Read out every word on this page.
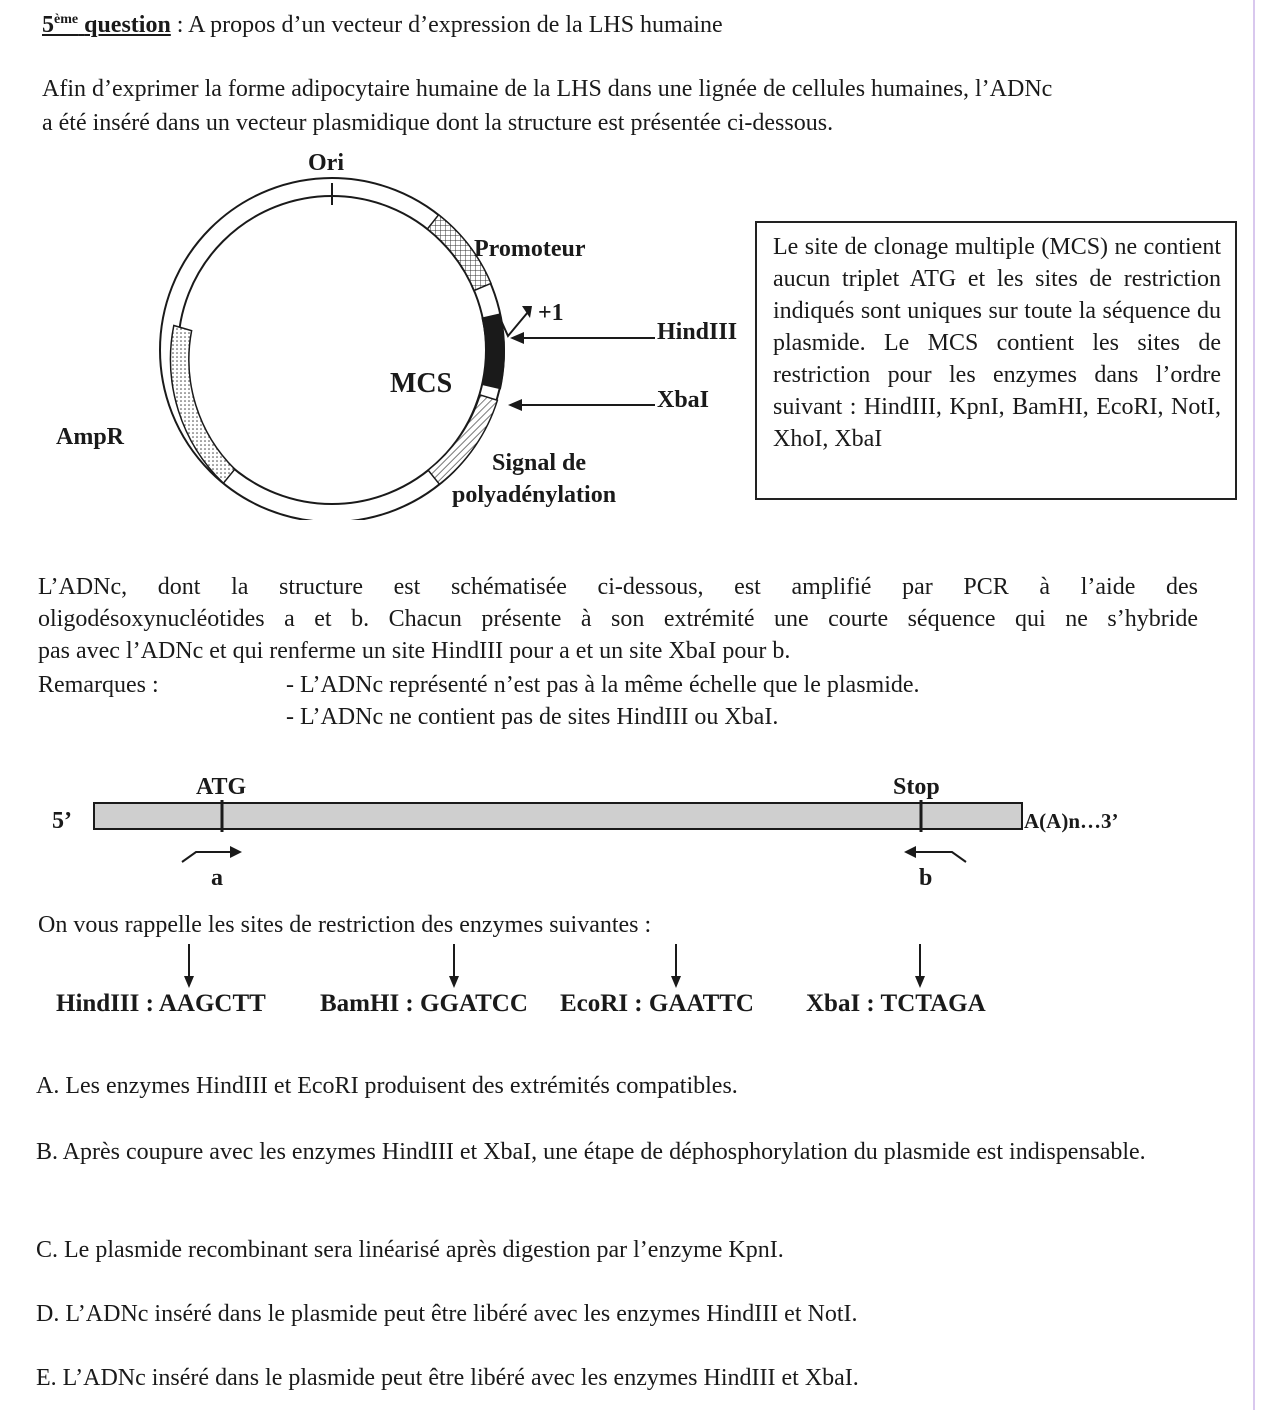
5ème question : A propos d’un vecteur d’expression de la LHS humaine
Afin d’exprimer la forme adipocytaire humaine de la LHS dans une lignée de cellules humaines, l’ADNc
a été inséré dans un vecteur plasmidique dont la structure est présentée ci-dessous.
Ori
+1
Promoteur
HindIII
XbaI
MCS
AmpR
Signal de
polyadénylation

Le site de clonage multiple (MCS) ne contient aucun triplet ATG et les sites de restriction indiqués sont uniques sur toute la séquence du plasmide. Le MCS contient les sites de restriction pour les enzymes dans l’ordre suivant : HindIII, KpnI, BamHI, EcoRI, NotI, XhoI, XbaI

L’ADNc, dont la structure est schématisée ci-dessous, est amplifié par PCR à l’aide des
oligodésoxynucléotides a et b. Chacun présente à son extrémité une courte séquence qui ne s’hybride
pas avec l’ADNc et qui renferme un site HindIII pour a et un site XbaI pour b.
Remarques :	- L’ADNc représenté n’est pas à la même échelle que le plasmide.
- L’ADNc ne contient pas de sites HindIII ou XbaI.
ATG	Stop
5’	A(A)n…3’
a	b
On vous rappelle les sites de restriction des enzymes suivantes :
HindIII : AAGCTT BamHI : GGATCC EcoRI : GAATTC XbaI : TCTAGA
A. Les enzymes HindIII et EcoRI produisent des extrémités compatibles.
B. Après coupure avec les enzymes HindIII et XbaI, une étape de déphosphorylation du plasmide est indispensable.
C. Le plasmide recombinant sera linéarisé après digestion par l’enzyme KpnI.
D. L’ADNc inséré dans le plasmide peut être libéré avec les enzymes HindIII et NotI.
E. L’ADNc inséré dans le plasmide peut être libéré avec les enzymes HindIII et XbaI.
